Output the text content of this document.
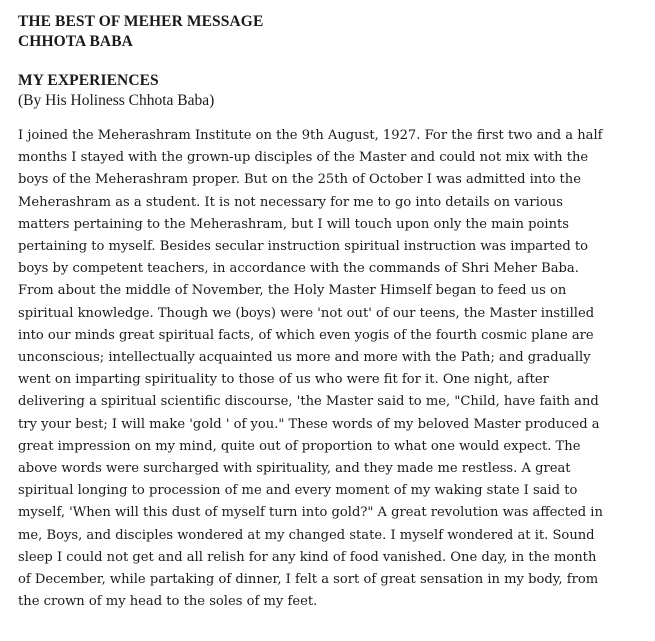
THE BEST OF MEHER MESSAGE
CHHOTA BABA
MY EXPERIENCES
(By His Holiness Chhota Baba)
I joined the Meherashram Institute on the 9th August, 1927. For the first two and a half
months I stayed with the grown-up disciples of the Master and could not mix with the
boys of the Meherashram proper. But on the 25th of October I was admitted into the
Meherashram as a student. It is not necessary for me to go into details on various
matters pertaining to the Meherashram, but I will touch upon only the main points
pertaining to myself. Besides secular instruction spiritual instruction was imparted to
boys by competent teachers, in accordance with the commands of Shri Meher Baba.
From about the middle of November, the Holy Master Himself began to feed us on
spiritual knowledge. Though we (boys) were 'not out' of our teens, the Master instilled
into our minds great spiritual facts, of which even yogis of the fourth cosmic plane are
unconscious; intellectually acquainted us more and more with the Path; and gradually
went on imparting spirituality to those of us who were fit for it. One night, after
delivering a spiritual scientific discourse, 'the Master said to me, "Child, have faith and
try your best; I will make 'gold ' of you." These words of my beloved Master produced a
great impression on my mind, quite out of proportion to what one would expect. The
above words were surcharged with spirituality, and they made me restless. A great
spiritual longing to procession of me and every moment of my waking state I said to
myself, 'When will this dust of myself turn into gold?" A great revolution was affected in
me, Boys, and disciples wondered at my changed state. I myself wondered at it. Sound
sleep I could not get and all relish for any kind of food vanished. One day, in the month
of December, while partaking of dinner, I felt a sort of great sensation in my body, from
the crown of my head to the soles of my feet.
